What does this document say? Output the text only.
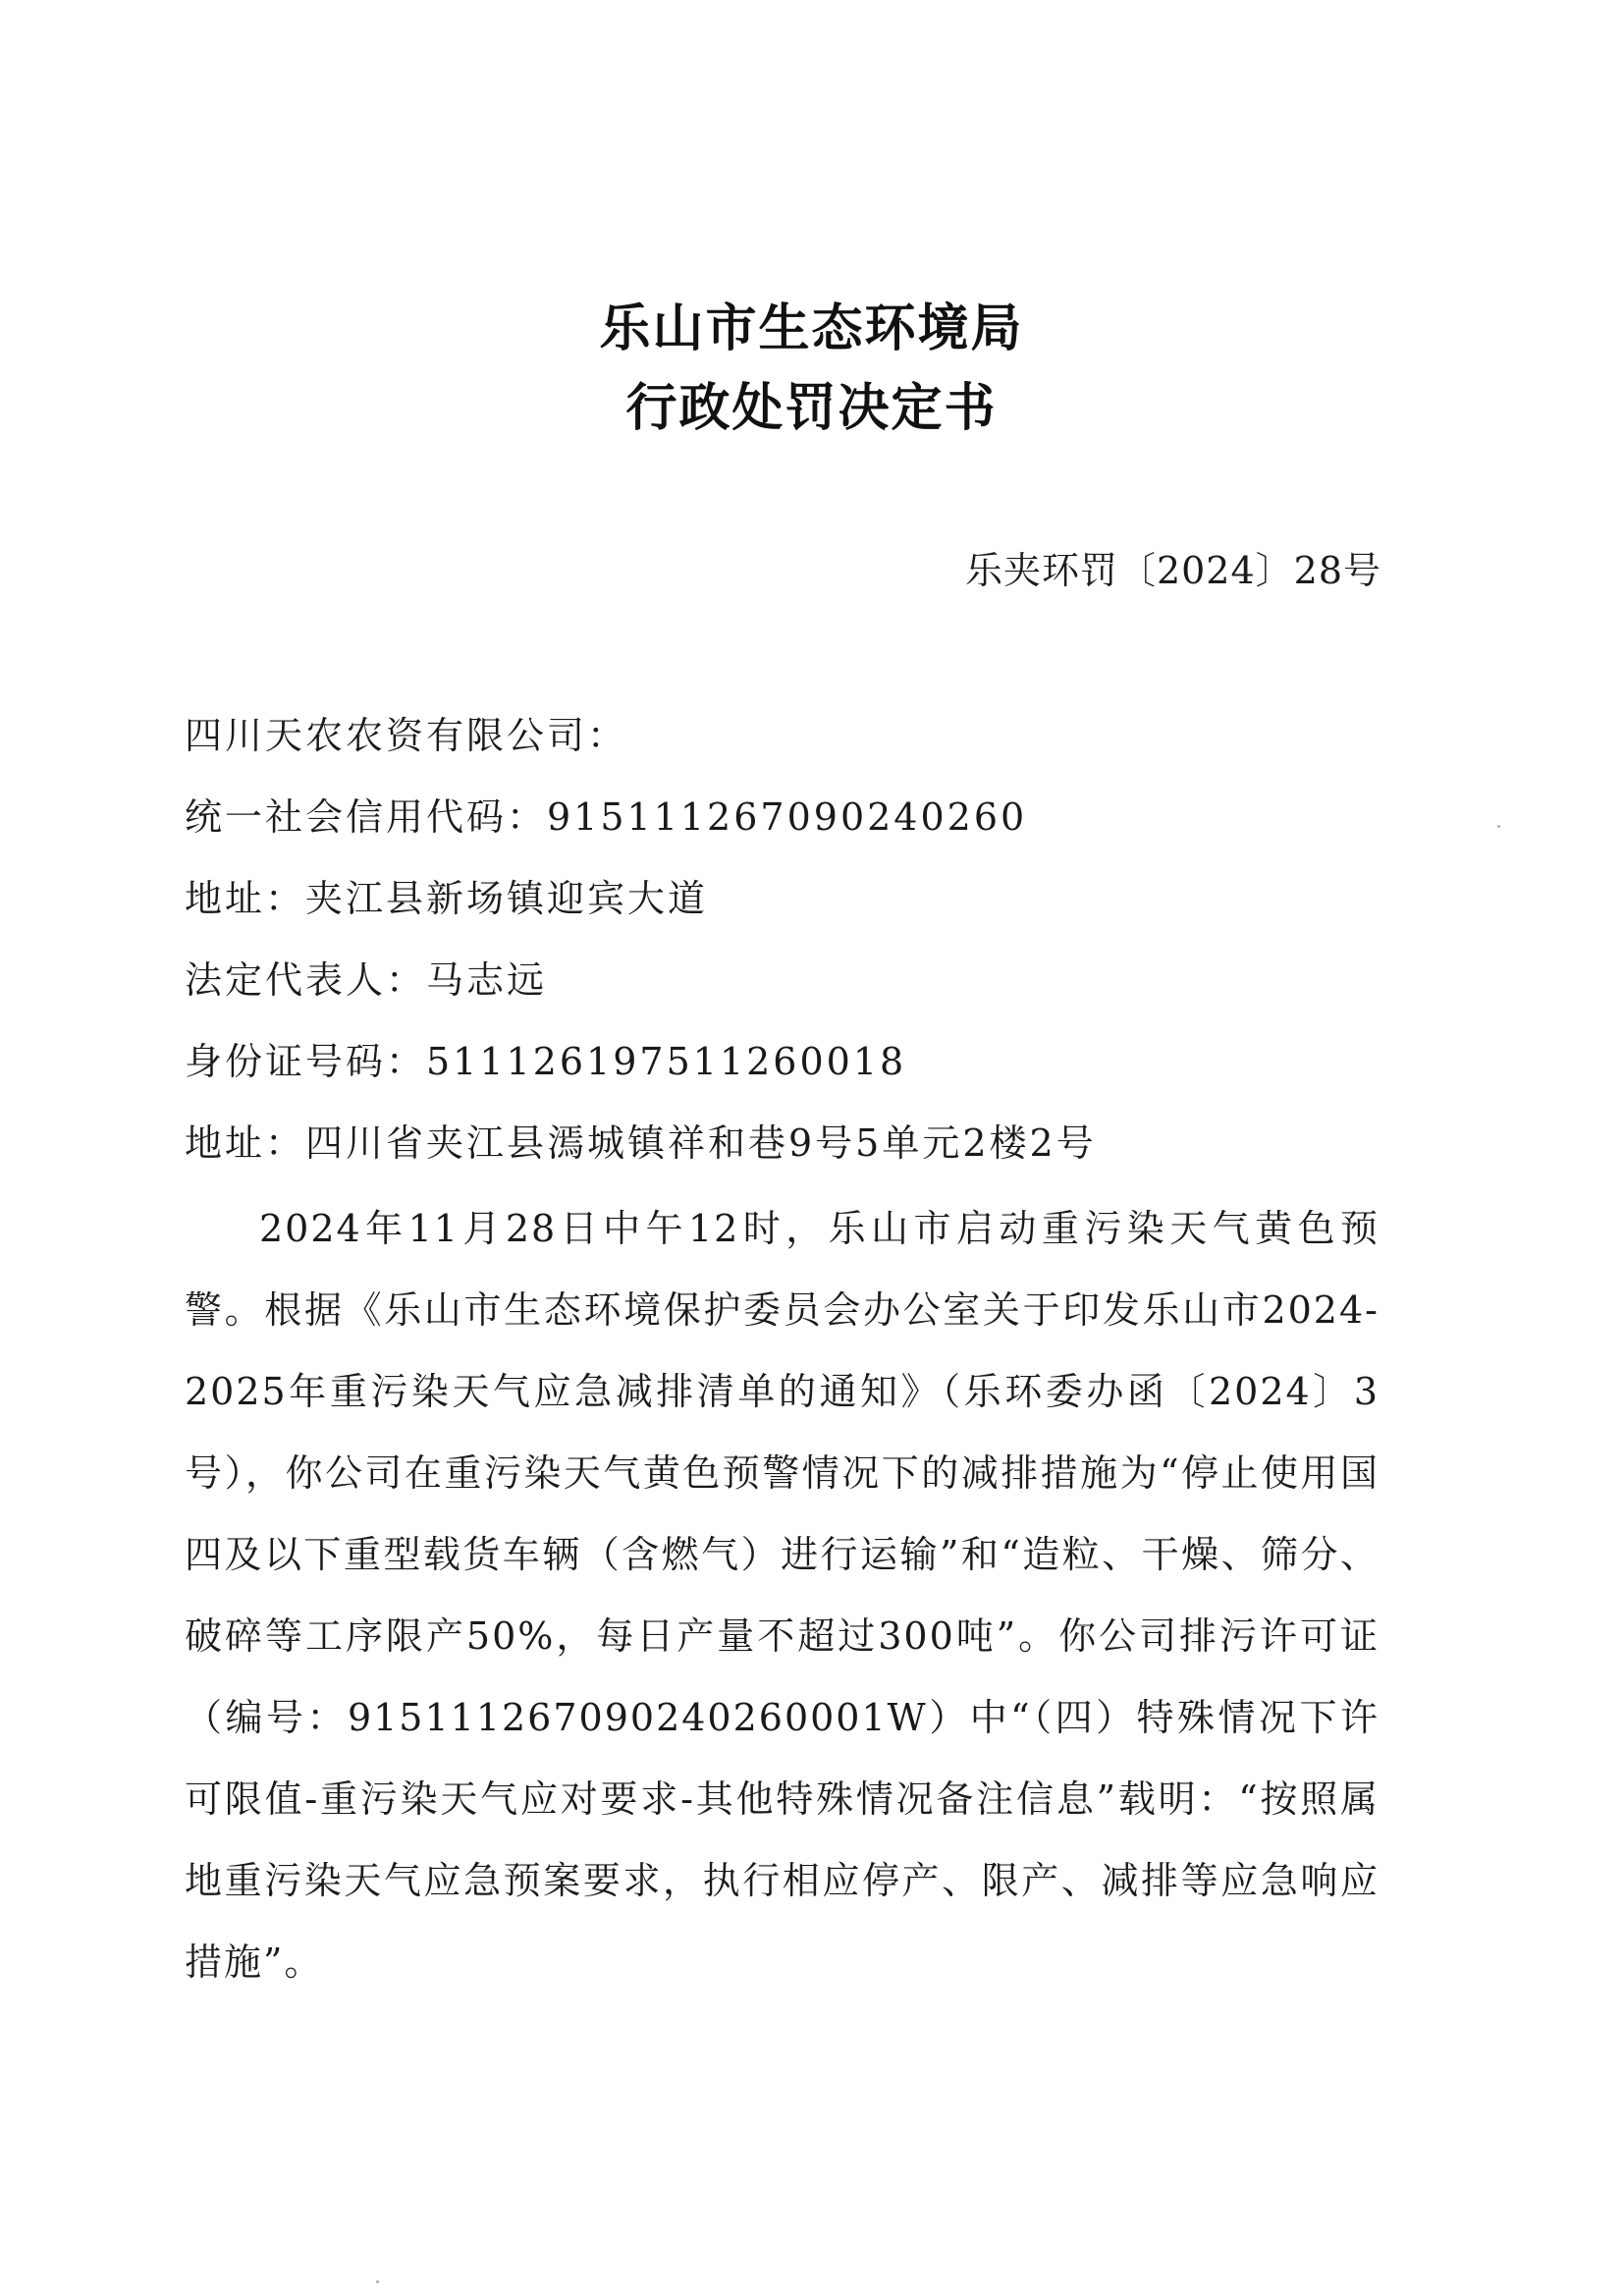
乐山市生态环境局
行政处罚决定书
乐夹环罚〔2024〕28号
四川天农农资有限公司：
统一社会信用代码：915111267090240260
地址：夹江县新场镇迎宾大道
法定代表人：马志远
身份证号码：511126197511260018
地址：四川省夹江县漹城镇祥和巷9号5单元2楼2号

2024年11月28日中午12时，乐山市启动重污染天气黄色预警。根据《乐山市生态环境保护委员会办公室关于印发乐山市2024-2025年重污染天气应急减排清单的通知》（乐环委办函〔2024〕3号），你公司在重污染天气黄色预警情况下的减排措施为“停止使用国四及以下重型载货车辆（含燃气）进行运输”和“造粒、干燥、筛分、破碎等工序限产50%，每日产量不超过300吨”。你公司排污许可证（编号：915111267090240260001W）中“（四）特殊情况下许可限值-重污染天气应对要求-其他特殊情况备注信息”载明：“按照属地重污染天气应急预案要求，执行相应停产、限产、减排等应急响应措施”。
